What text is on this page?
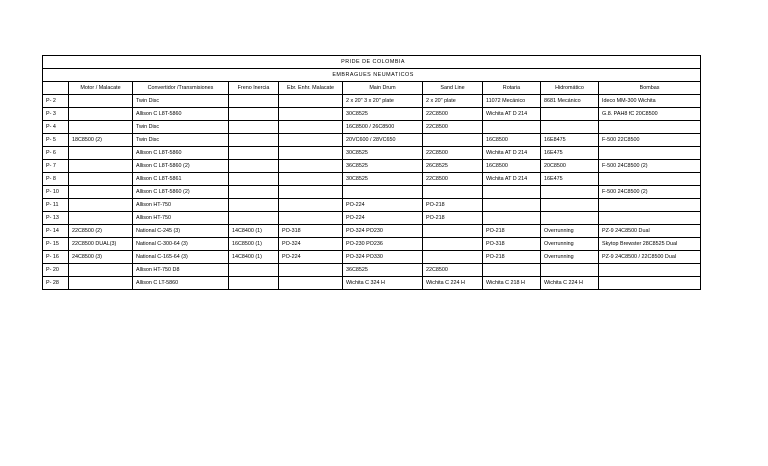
PRIDE DE COLOMBIA									
EMBRAGUES NEUMATICOS									
	Motor / Malacate	Convertidor /Transmisiones	Freno Inercia	Ebr. Enhr. Malacate	Main Drum	Sand Line	Rotaria	Hidromático	Bombas
P- 2		Twin Disc			2 x 20" 3 x 20" plate	2 x 20" plate	11072 Mecánico	8681 Mecánico	Ideco MM-300 Wichita
P- 3		Allison C L8T-5860			30C8525	22C8500	Wichita AT D 214		G.8. PAH8 fC 20C8500
P- 4		Twin Disc			16C8500 / 26C8500	22C8500			
P- 5	18C8500 (2)	Twin Disc			20VC600 / 28VC650		16C8500	16E8475	F-500 22C8500
P- 6		Allison C L8T-5860			30C8525	22C8500	Wichita AT D 214	16E475	
P- 7		Allison C L8T-5860 (2)			36C8525	26C8525	16C8500	20C8500	F-500 24C8500 (2)
P- 8		Allison C L8T-5861			30C8525	22C8500	Wichita AT D 214	16E475	
P- 10		Allison C L8T-5860 (2)							F-500 24C8500 (2)
P- 11		Allison HT-750			PO-224	PO-218			
P- 13		Allison HT-750			PO-224	PO-218			
P- 14	22C8500 (2)	National C-245 (3)	14C8400 (1)	PO-318	PO-324 PO230		PO-218	Overrunning	PZ-9 24C8500 Dual
P- 15	22C8500 DUAL(3)	National C-300-64 (3)	16C8500 (1)	PO-324	PO-230 PO236		PO-318	Overrunning	Skytop Brewster 28C8525 Dual
P- 16	24C8500 (3)	National C-165-64 (3)	14C8400 (1)	PO-224	PO-324 PO330		PO-218	Overrunning	PZ-9 24C8500 / 22C8500 Dual
P- 20		Allison HT-750 D8			36C8525	22C8500			
P- 28		Allison C LT-5860			Wichita C 324 H	Wichita C 224 H	Wichita C 218 H	Wichita C 224 H	
